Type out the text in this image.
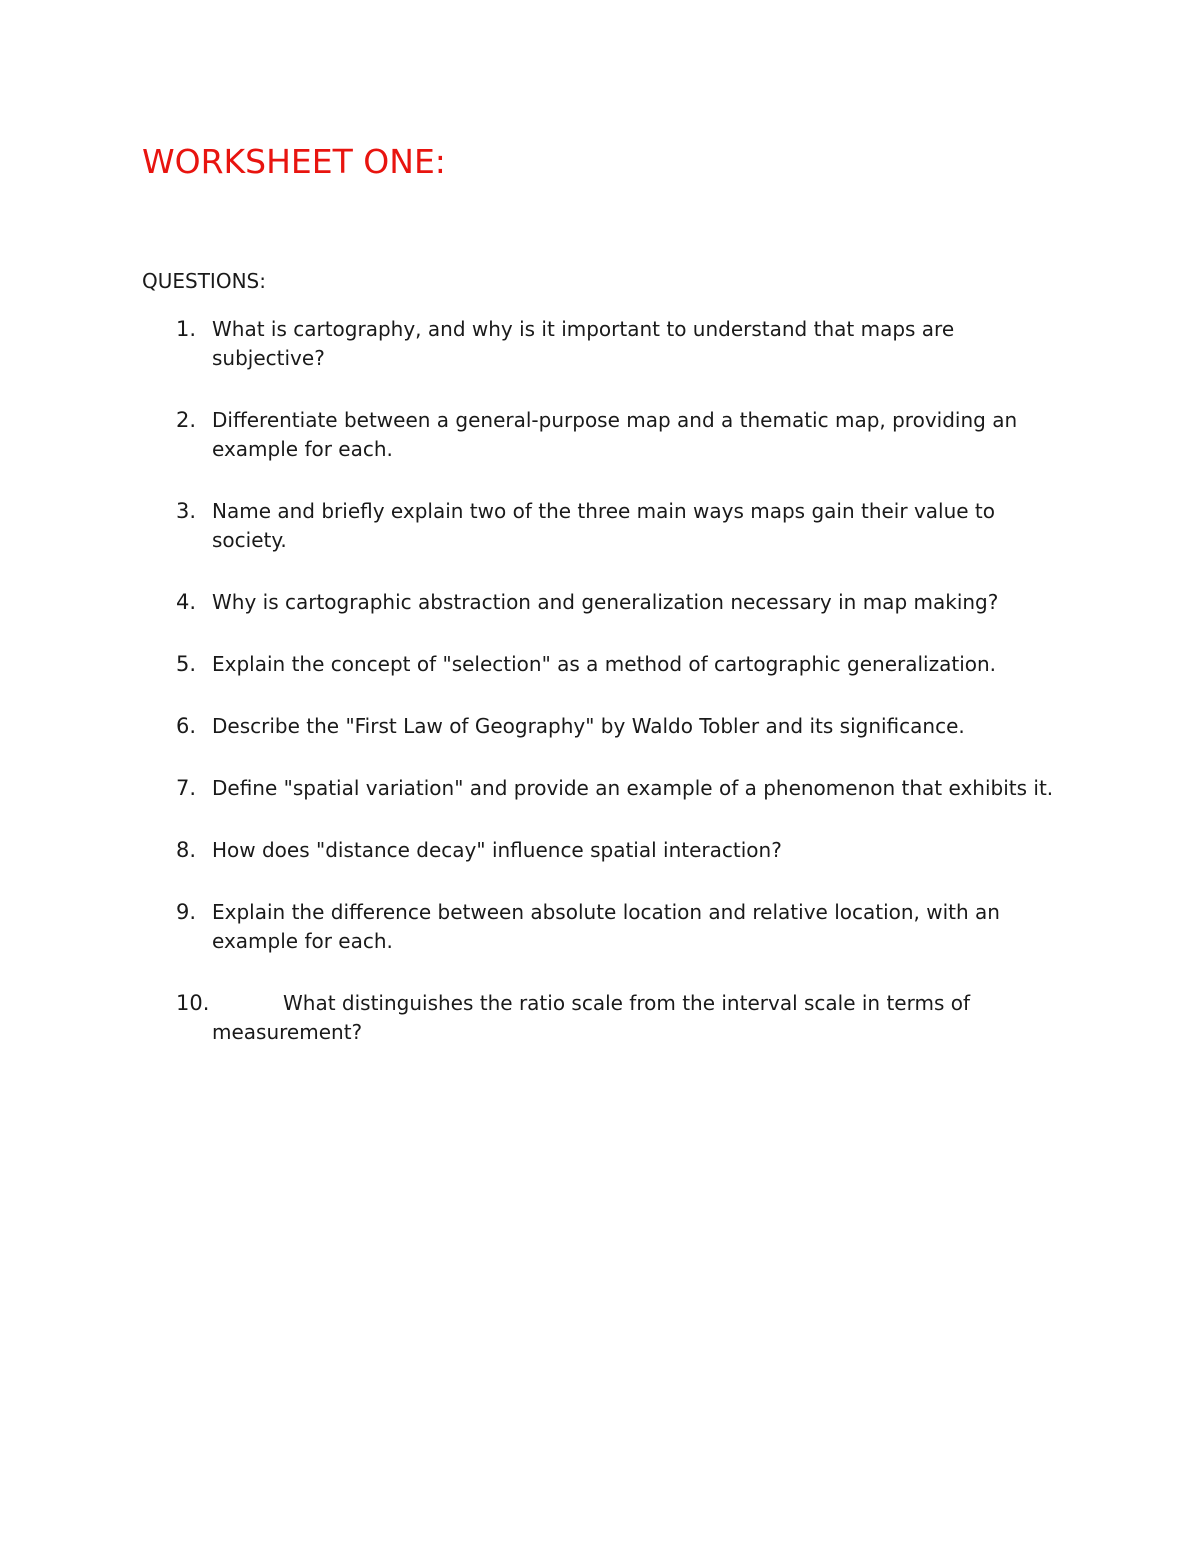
WORKSHEET ONE:
QUESTIONS:
1. What is cartography, and why is it important to understand that maps are subjective?
2. Differentiate between a general-purpose map and a thematic map, providing an example for each.
3. Name and briefly explain two of the three main ways maps gain their value to society.
4. Why is cartographic abstraction and generalization necessary in map making?
5. Explain the concept of "selection" as a method of cartographic generalization.
6. Describe the "First Law of Geography" by Waldo Tobler and its significance.
7. Define "spatial variation" and provide an example of a phenomenon that exhibits it.
8. How does "distance decay" influence spatial interaction?
9. Explain the difference between absolute location and relative location, with an example for each.
10.	What distinguishes the ratio scale from the interval scale in terms of measurement?
